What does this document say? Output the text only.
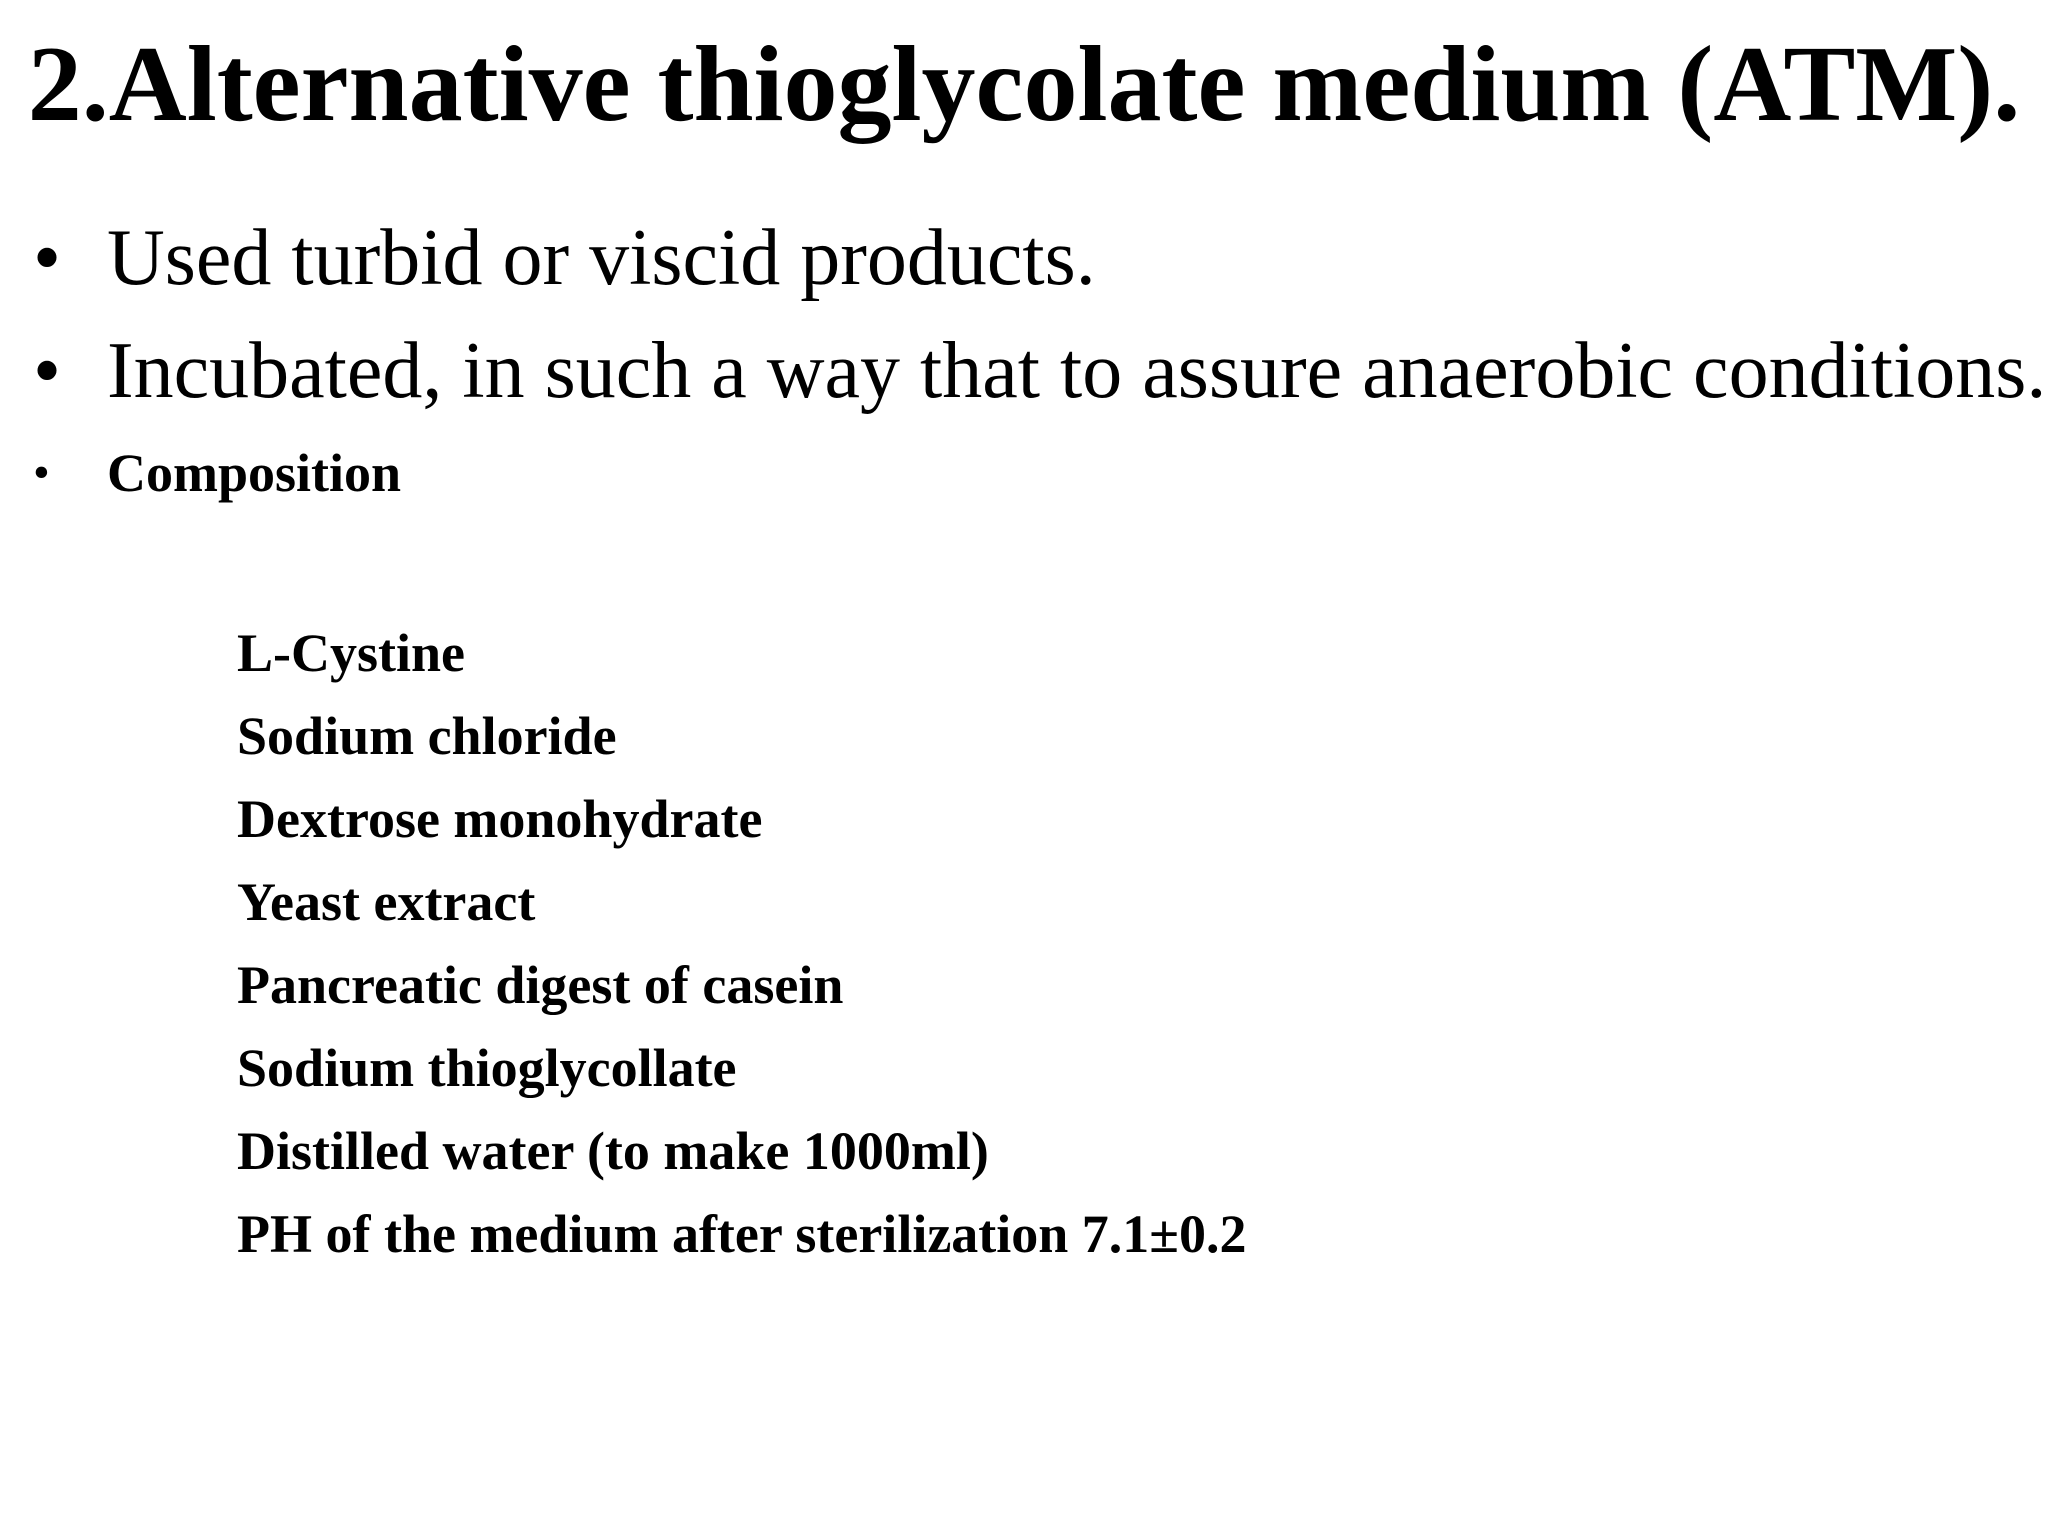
2.Alternative thioglycolate medium (ATM).
• Used turbid or viscid products.
• Incubated, in such a way that to assure anaerobic conditions.
• Composition
L-Cystine
Sodium chloride
Dextrose monohydrate
Yeast extract
Pancreatic digest of casein
Sodium thioglycollate
Distilled water (to make 1000ml)
PH of the medium after sterilization 7.1±0.2
